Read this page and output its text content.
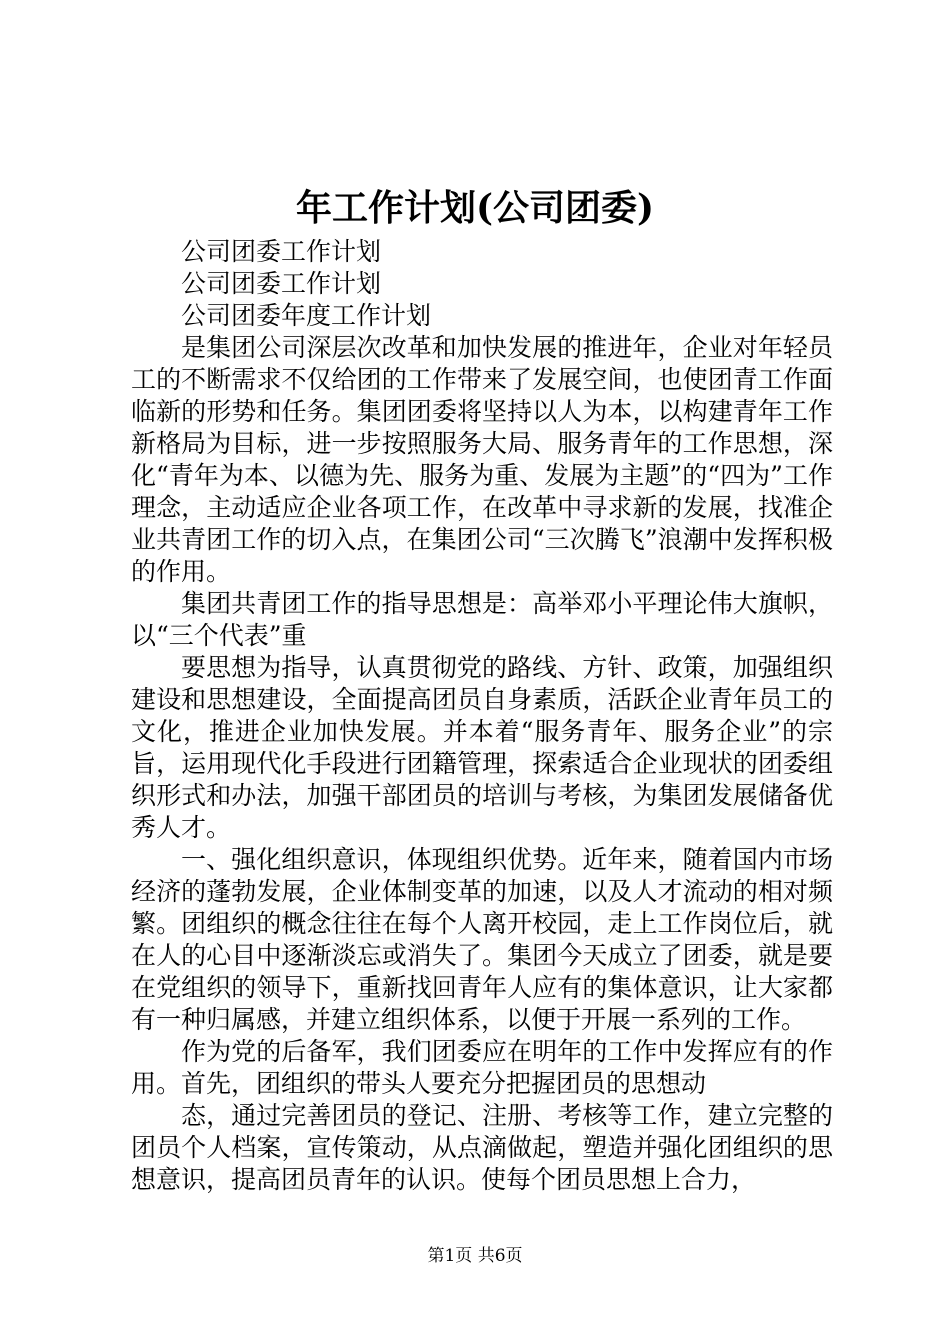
年工作计划(公司团委)

公司团委工作计划

公司团委工作计划

公司团委年度工作计划

是集团公司深层次改革和加快发展的推进年，企业对年轻员工的不断需求不仅给团的工作带来了发展空间，也使团青工作面临新的形势和任务。集团团委将坚持以人为本，以构建青年工作新格局为目标，进一步按照服务大局、服务青年的工作思想，深化“青年为本、以德为先、服务为重、发展为主题”的“四为”工作理念，主动适应企业各项工作，在改革中寻求新的发展，找准企业共青团工作的切入点，在集团公司“三次腾飞”浪潮中发挥积极的作用。

集团共青团工作的指导思想是：高举邓小平理论伟大旗帜，以“三个代表”重

要思想为指导，认真贯彻党的路线、方针、政策，加强组织建设和思想建设，全面提高团员自身素质，活跃企业青年员工的文化，推进企业加快发展。并本着“服务青年、服务企业”的宗旨，运用现代化手段进行团籍管理，探索适合企业现状的团委组织形式和办法，加强干部团员的培训与考核，为集团发展储备优秀人才。

一、强化组织意识，体现组织优势。近年来，随着国内市场经济的蓬勃发展，企业体制变革的加速，以及人才流动的相对频繁。团组织的概念往往在每个人离开校园，走上工作岗位后，就在人的心目中逐渐淡忘或消失了。集团今天成立了团委，就是要在党组织的领导下，重新找回青年人应有的集体意识，让大家都有一种归属感，并建立组织体系，以便于开展一系列的工作。

作为党的后备军，我们团委应在明年的工作中发挥应有的作用。首先，团组织的带头人要充分把握团员的思想动

态，通过完善团员的登记、注册、考核等工作，建立完整的团员个人档案，宣传策动，从点滴做起，塑造并强化团组织的思想意识，提高团员青年的认识。使每个团员思想上合力，

第1页 共6页
